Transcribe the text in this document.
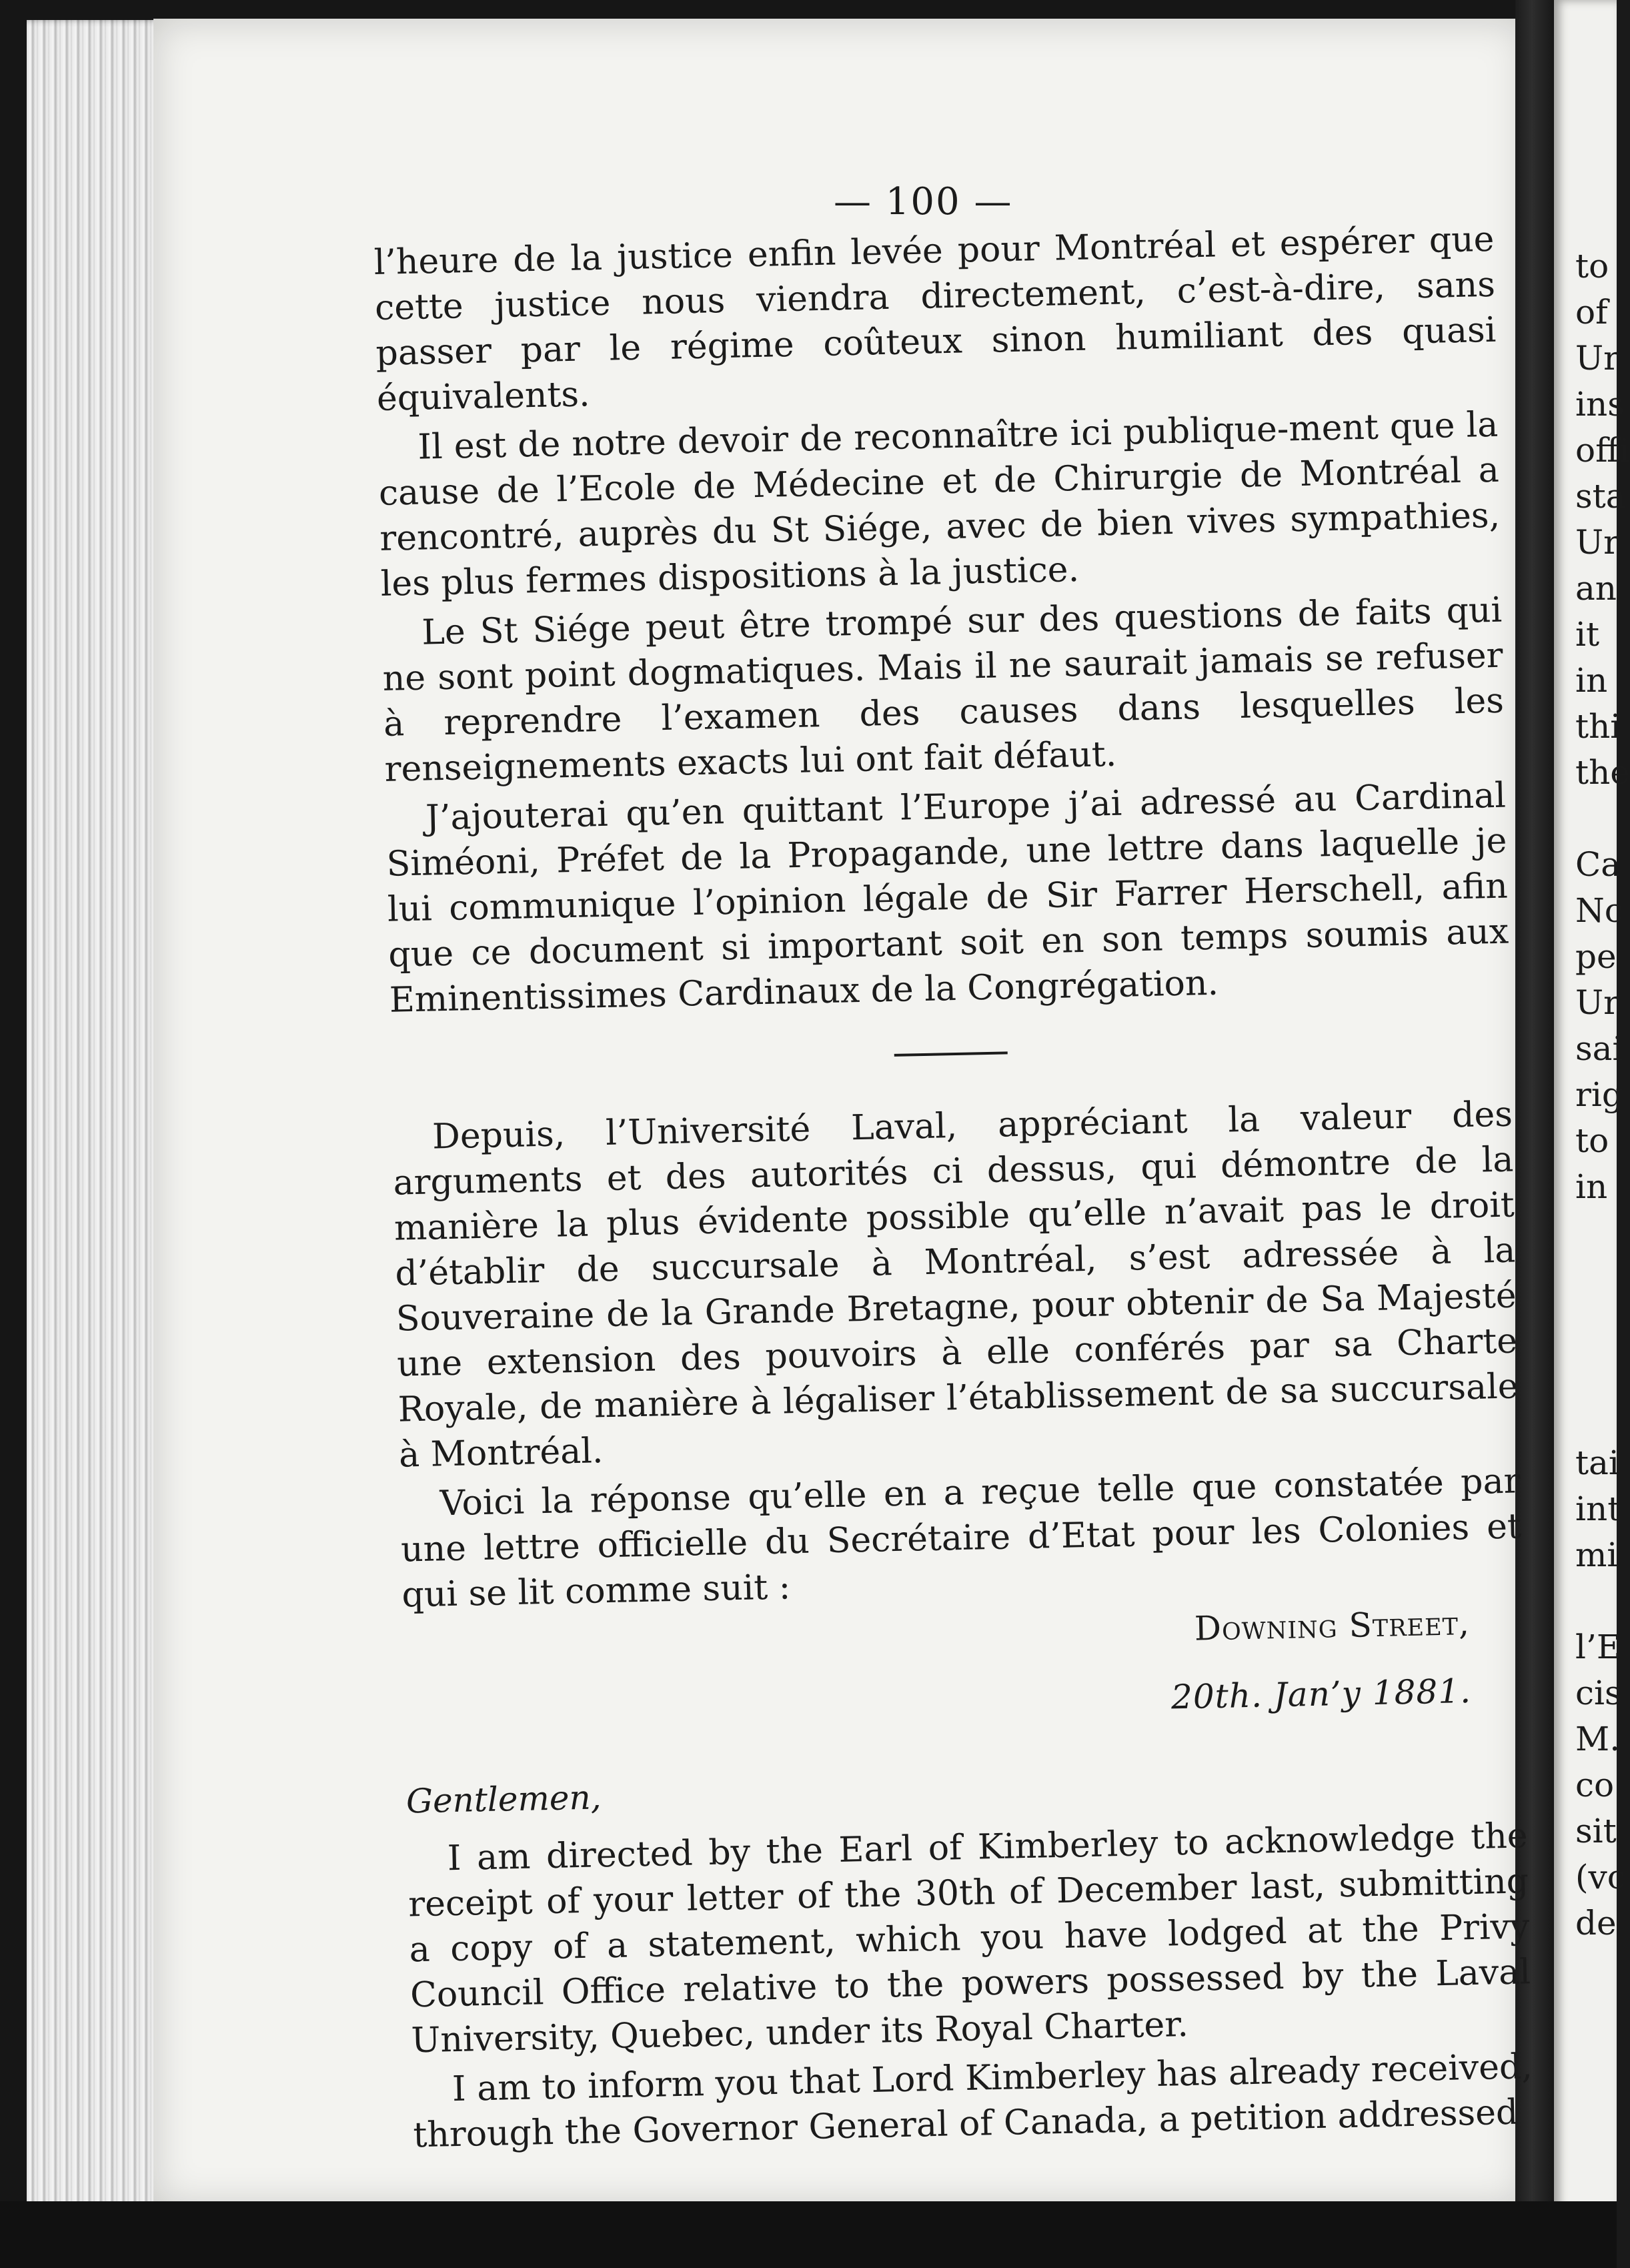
— 100 —

l’heure de la justice enfin levée pour Montréal et espérer que cette justice nous viendra directement, c’est-à-dire, sans passer par le régime coûteux sinon humiliant des quasi équivalents.

Il est de notre devoir de reconnaître ici publique-ment que la cause de l’Ecole de Médecine et de Chirurgie de Montréal a rencontré, auprès du St Siége, avec de bien vives sympathies, les plus fermes dispositions à la justice.

Le St Siége peut être trompé sur des questions de faits qui ne sont point dogmatiques. Mais il ne saurait jamais se refuser à reprendre l’examen des causes dans lesquelles les renseignements exacts lui ont fait défaut.

J’ajouterai qu’en quittant l’Europe j’ai adressé au Cardinal Siméoni, Préfet de la Propagande, une lettre dans laquelle je lui communique l’opinion légale de Sir Farrer Herschell, afin que ce document si important soit en son temps soumis aux Eminentissimes Cardinaux de la Congrégation.

Depuis, l’Université Laval, appréciant la valeur des arguments et des autorités ci dessus, qui démontre de la manière la plus évidente possible qu’elle n’avait pas le droit d’établir de succursale à Montréal, s’est adressée à la Souveraine de la Grande Bretagne, pour obtenir de Sa Majesté une extension des pouvoirs à elle conférés par sa Charte Royale, de manière à légaliser l’établissement de sa succursale à Montréal.

Voici la réponse qu’elle en a reçue telle que constatée par une lettre officielle du Secrétaire d’Etat pour les Colonies et qui se lit comme suit :

Downing Street,
20th. Jan’y 1881.
Gentlemen,

I am directed by the Earl of Kimberley to acknowledge the receipt of your letter of the 30th of December last, submitting a copy of a statement, which you have lodged at the Privy Council Office relative to the powers possessed by the Laval University, Quebec, under its Royal Charter.

I am to inform you that Lord Kimberley has already received, through the Governor General of Canada, a petition addressed

to
of
Ur
ins
offi
sta
Ur
an
it
in
thi
the
Ca
Nc
pe
Ur
sai
rig
to
in
tai
int
mi
l’E
cis
M.
co
sit
(vc
de
